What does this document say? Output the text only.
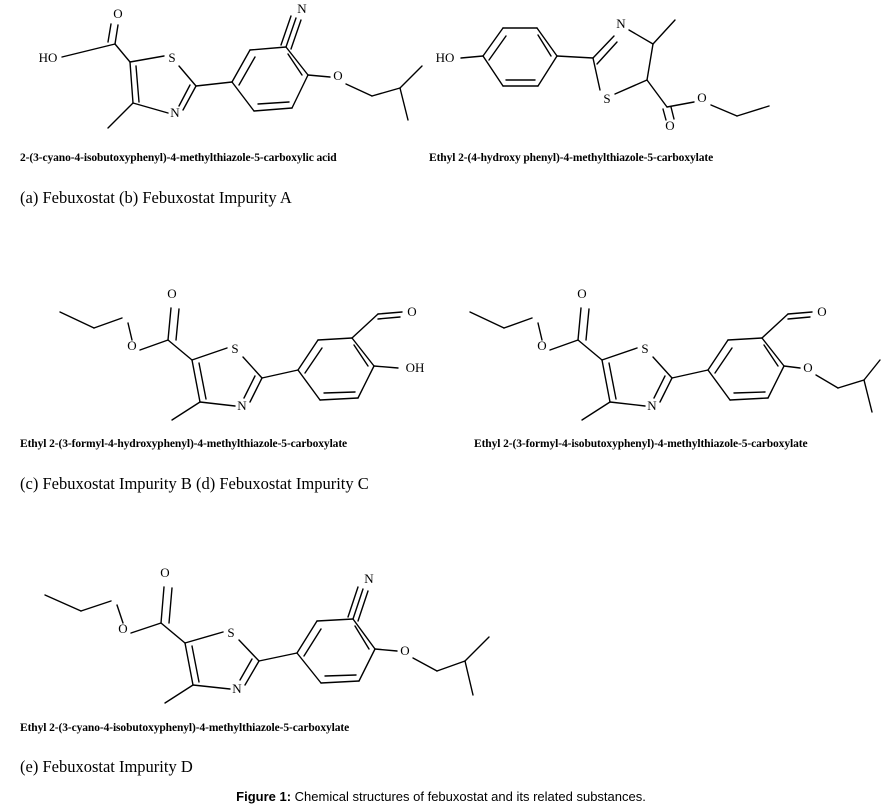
HO
O
S
N
N
O
2-(3-cyano-4-isobutoxyphenyl)-4-methylthiazole-5-carboxylic acid
HO
N
S
O
O
Ethyl 2-(4-hydroxy phenyl)-4-methylthiazole-5-carboxylate
(a) Febuxostat (b) Febuxostat Impurity A
O
O
S
N
O
OH
Ethyl 2-(3-formyl-4-hydroxyphenyl)-4-methylthiazole-5-carboxylate
O
O
S
N
O
O
Ethyl 2-(3-formyl-4-isobutoxyphenyl)-4-methylthiazole-5-carboxylate
(c) Febuxostat Impurity B (d) Febuxostat Impurity C
O
O
S
N
N
O
Ethyl 2-(3-cyano-4-isobutoxyphenyl)-4-methylthiazole-5-carboxylate
(e) Febuxostat Impurity D
Figure 1: Chemical structures of febuxostat and its related substances.
